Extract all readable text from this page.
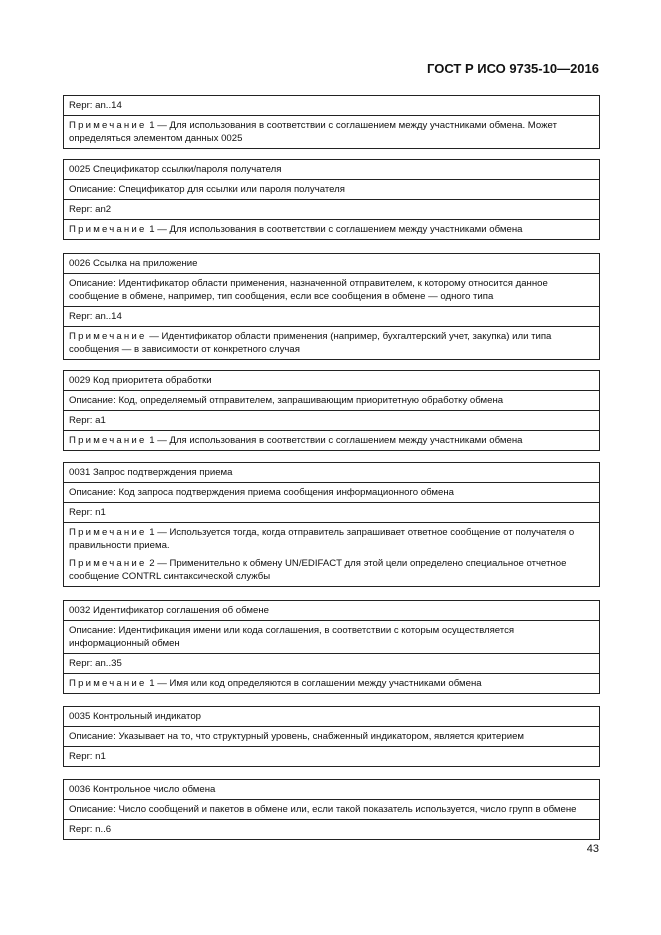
ГОСТ Р ИСО 9735-10—2016
Repr: an..14
Примечание 1 — Для использования в соответствии с соглашением между участниками обмена. Может определяться элементом данных 0025
0025 Спецификатор ссылки/пароля получателя
Описание: Спецификатор для ссылки или пароля получателя
Repr: an2
Примечание 1 — Для использования в соответствии с соглашением между участниками обмена
0026 Ссылка на приложение
Описание: Идентификатор области применения, назначенной отправителем, к которому относится данное сообщение в обмене, например, тип сообщения, если все сообщения в обмене — одного типа
Repr: an..14
Примечание — Идентификатор области применения (например, бухгалтерский учет, закупка) или типа сообщения — в зависимости от конкретного случая
0029 Код приоритета обработки
Описание: Код, определяемый отправителем, запрашивающим приоритетную обработку обмена
Repr: a1
Примечание 1 — Для использования в соответствии с соглашением между участниками обмена
0031 Запрос подтверждения приема
Описание: Код запроса подтверждения приема сообщения информационного обмена
Repr: n1

Примечание 1 — Используется тогда, когда отправитель запрашивает ответное сообщение от получателя о правильности приема.

Примечание 2 — Применительно к обмену UN/EDIFACT для этой цели определено специальное отчетное сообщение CONTRL синтаксической службы

0032 Идентификатор соглашения об обмене
Описание: Идентификация имени или кода соглашения, в соответствии с которым осуществляется информационный обмен
Repr: an..35
Примечание 1 — Имя или код определяются в соглашении между участниками обмена
0035 Контрольный индикатор
Описание: Указывает на то, что структурный уровень, снабженный индикатором, является критерием
Repr: n1
0036 Контрольное число обмена
Описание: Число сообщений и пакетов в обмене или, если такой показатель используется, число групп в обмене
Repr: n..6
43
